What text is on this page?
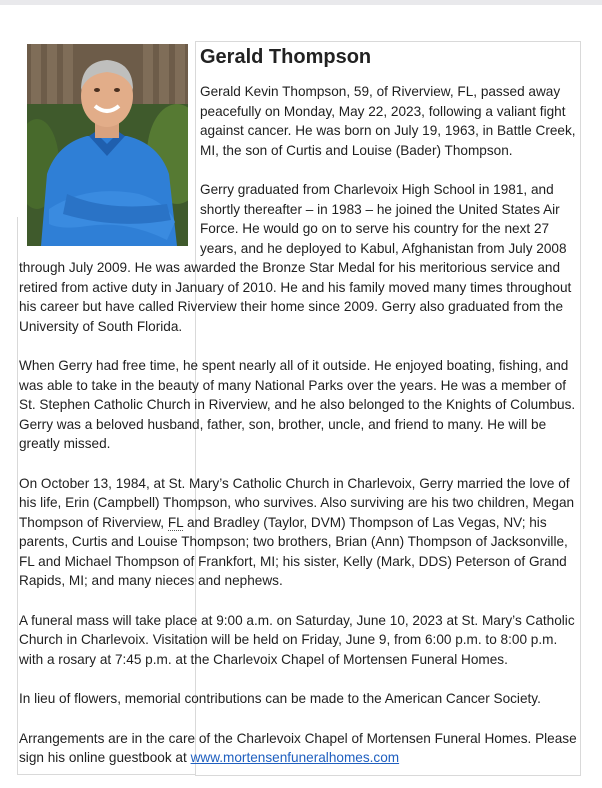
Gerald Thompson

Gerald Kevin Thompson, 59, of Riverview, FL, passed away peacefully on Monday, May 22, 2023, following a valiant fight against cancer. He was born on July 19, 1963, in Battle Creek, MI, the son of Curtis and Louise (Bader) Thompson.

Gerry graduated from Charlevoix High School in 1981, and shortly thereafter – in 1983 – he joined the United States Air Force. He would go on to serve his country for the next 27 years, and he deployed to Kabul, Afghanistan from July 2008 through July 2009. He was awarded the Bronze Star Medal for his meritorious service and retired from active duty in January of 2010. He and his family moved many times throughout his career but have called Riverview their home since 2009. Gerry also graduated from the University of South Florida.

When Gerry had free time, he spent nearly all of it outside. He enjoyed boating, fishing, and was able to take in the beauty of many National Parks over the years. He was a member of St. Stephen Catholic Church in Riverview, and he also belonged to the Knights of Columbus. Gerry was a beloved husband, father, son, brother, uncle, and friend to many. He will be greatly missed.

On October 13, 1984, at St. Mary’s Catholic Church in Charlevoix, Gerry married the love of his life, Erin (Campbell) Thompson, who survives. Also surviving are his two children, Megan Thompson of Riverview, FL and Bradley (Taylor, DVM) Thompson of Las Vegas, NV; his parents, Curtis and Louise Thompson; two brothers, Brian (Ann) Thompson of Jacksonville, FL and Michael Thompson of Frankfort, MI; his sister, Kelly (Mark, DDS) Peterson of Grand Rapids, MI; and many nieces and nephews.

A funeral mass will take place at 9:00 a.m. on Saturday, June 10, 2023 at St. Mary’s Catholic Church in Charlevoix. Visitation will be held on Friday, June 9, from 6:00 p.m. to 8:00 p.m. with a rosary at 7:45 p.m. at the Charlevoix Chapel of Mortensen Funeral Homes.

In lieu of flowers, memorial contributions can be made to the American Cancer Society.

Arrangements are in the care of the Charlevoix Chapel of Mortensen Funeral Homes. Please sign his online guestbook at www.mortensenfuneralhomes.com
